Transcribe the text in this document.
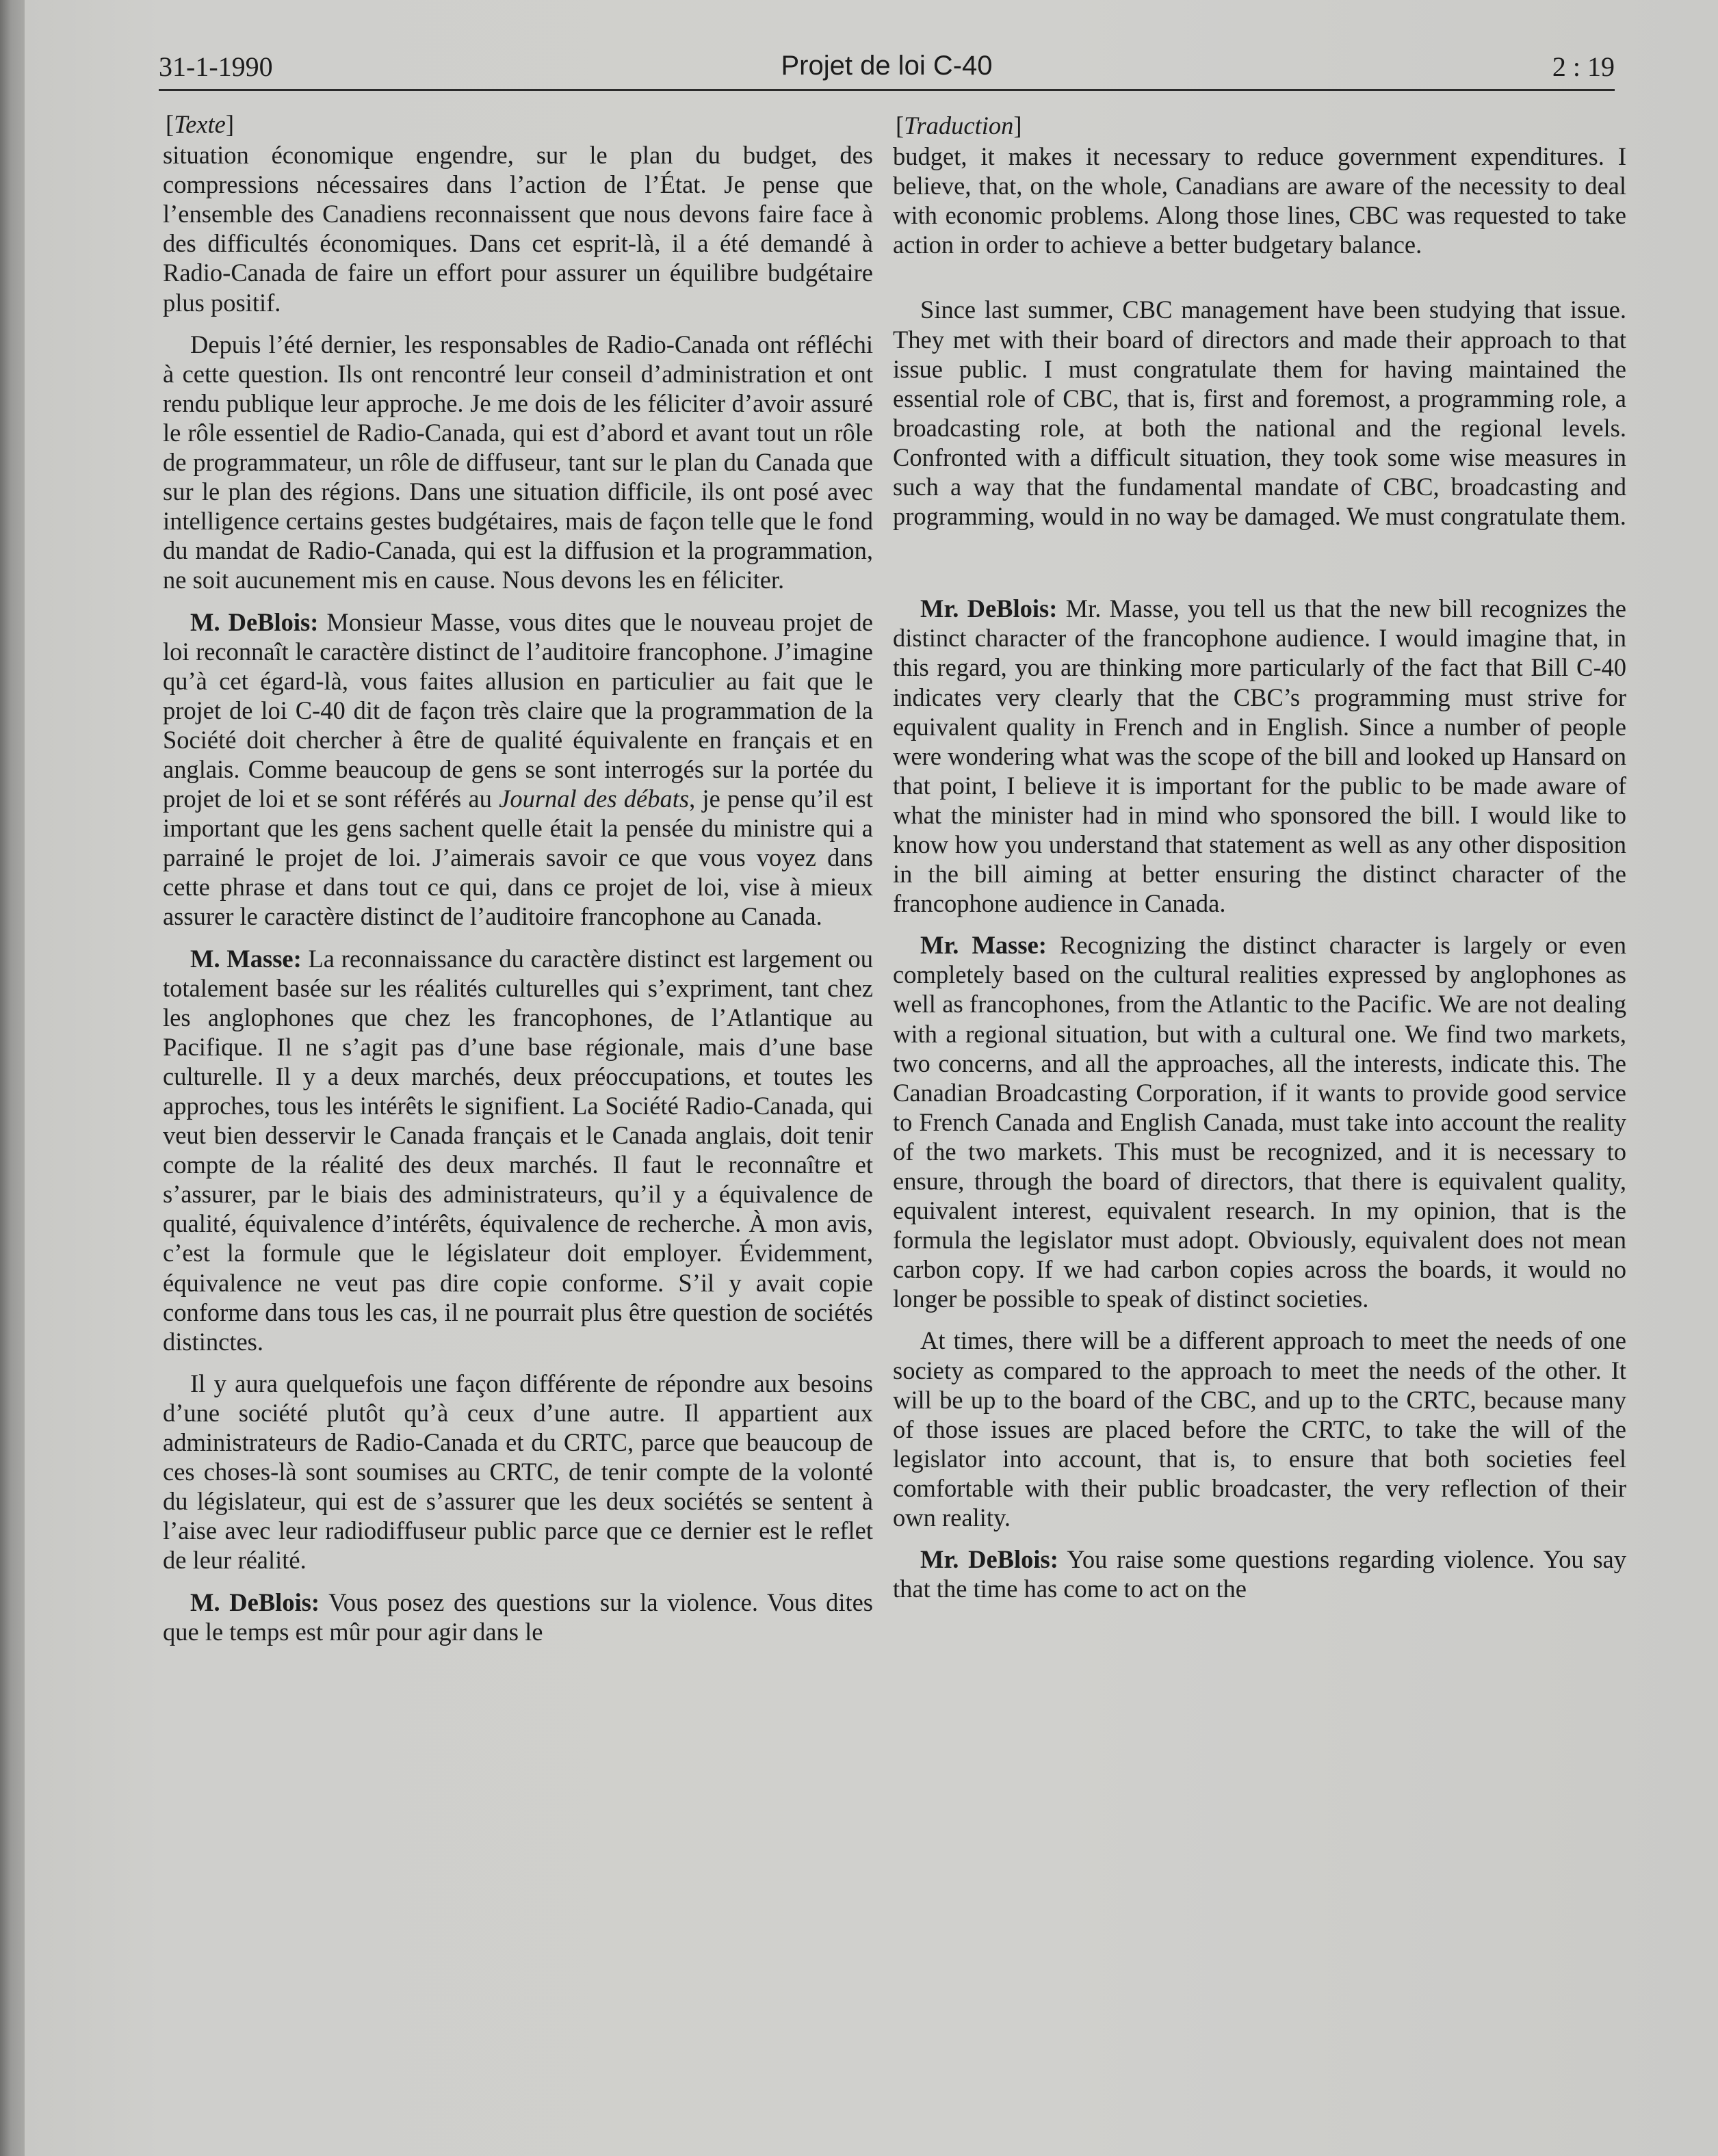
31-1-1990	Projet de loi C-40	2 : 19
[Texte]

situation économique engendre, sur le plan du budget, des compressions nécessaires dans l’action de l’État. Je pense que l’ensemble des Canadiens reconnaissent que nous devons faire face à des difficultés économiques. Dans cet esprit-là, il a été demandé à Radio-Canada de faire un effort pour assurer un équilibre budgétaire plus positif.

Depuis l’été dernier, les responsables de Radio-Canada ont réfléchi à cette question. Ils ont rencontré leur conseil d’administration et ont rendu publique leur approche. Je me dois de les féliciter d’avoir assuré le rôle essentiel de Radio-Canada, qui est d’abord et avant tout un rôle de programmateur, un rôle de diffuseur, tant sur le plan du Canada que sur le plan des régions. Dans une situation difficile, ils ont posé avec intelligence certains gestes budgétaires, mais de façon telle que le fond du mandat de Radio-Canada, qui est la diffusion et la programmation, ne soit aucunement mis en cause. Nous devons les en féliciter.

M. DeBlois: Monsieur Masse, vous dites que le nouveau projet de loi reconnaît le caractère distinct de l’auditoire francophone. J’imagine qu’à cet égard-là, vous faites allusion en particulier au fait que le projet de loi C-40 dit de façon très claire que la programmation de la Société doit chercher à être de qualité équivalente en français et en anglais. Comme beaucoup de gens se sont interrogés sur la portée du projet de loi et se sont référés au Journal des débats, je pense qu’il est important que les gens sachent quelle était la pensée du ministre qui a parrainé le projet de loi. J’aimerais savoir ce que vous voyez dans cette phrase et dans tout ce qui, dans ce projet de loi, vise à mieux assurer le caractère distinct de l’auditoire francophone au Canada.

M. Masse: La reconnaissance du caractère distinct est largement ou totalement basée sur les réalités culturelles qui s’expriment, tant chez les anglophones que chez les francophones, de l’Atlantique au Pacifique. Il ne s’agit pas d’une base régionale, mais d’une base culturelle. Il y a deux marchés, deux préoccupations, et toutes les approches, tous les intérêts le signifient. La Société Radio-Canada, qui veut bien desservir le Canada français et le Canada anglais, doit tenir compte de la réalité des deux marchés. Il faut le reconnaître et s’assurer, par le biais des administrateurs, qu’il y a équivalence de qualité, équivalence d’intérêts, équivalence de recherche. À mon avis, c’est la formule que le législateur doit employer. Évidemment, équivalence ne veut pas dire copie conforme. S’il y avait copie conforme dans tous les cas, il ne pourrait plus être question de sociétés distinctes.

Il y aura quelquefois une façon différente de répondre aux besoins d’une société plutôt qu’à ceux d’une autre. Il appartient aux administrateurs de Radio-Canada et du CRTC, parce que beaucoup de ces choses-là sont soumises au CRTC, de tenir compte de la volonté du législateur, qui est de s’assurer que les deux sociétés se sentent à l’aise avec leur radiodiffuseur public parce que ce dernier est le reflet de leur réalité.

M. DeBlois: Vous posez des questions sur la violence. Vous dites que le temps est mûr pour agir dans le

[Traduction]

budget, it makes it necessary to reduce government expenditures. I believe, that, on the whole, Canadians are aware of the necessity to deal with economic problems. Along those lines, CBC was requested to take action in order to achieve a better budgetary balance.

Since last summer, CBC management have been studying that issue. They met with their board of directors and made their approach to that issue public. I must congratulate them for having maintained the essential role of CBC, that is, first and foremost, a programming role, a broadcasting role, at both the national and the regional levels. Confronted with a difficult situation, they took some wise measures in such a way that the fundamental mandate of CBC, broadcasting and programming, would in no way be damaged. We must congratulate them.

Mr. DeBlois: Mr. Masse, you tell us that the new bill recognizes the distinct character of the francophone audience. I would imagine that, in this regard, you are thinking more particularly of the fact that Bill C-40 indicates very clearly that the CBC’s programming must strive for equivalent quality in French and in English. Since a number of people were wondering what was the scope of the bill and looked up Hansard on that point, I believe it is important for the public to be made aware of what the minister had in mind who sponsored the bill. I would like to know how you understand that statement as well as any other disposition in the bill aiming at better ensuring the distinct character of the francophone audience in Canada.

Mr. Masse: Recognizing the distinct character is largely or even completely based on the cultural realities expressed by anglophones as well as francophones, from the Atlantic to the Pacific. We are not dealing with a regional situation, but with a cultural one. We find two markets, two concerns, and all the approaches, all the interests, indicate this. The Canadian Broadcasting Corporation, if it wants to provide good service to French Canada and English Canada, must take into account the reality of the two markets. This must be recognized, and it is necessary to ensure, through the board of directors, that there is equivalent quality, equivalent interest, equivalent research. In my opinion, that is the formula the legislator must adopt. Obviously, equivalent does not mean carbon copy. If we had carbon copies across the boards, it would no longer be possible to speak of distinct societies.

At times, there will be a different approach to meet the needs of one society as compared to the approach to meet the needs of the other. It will be up to the board of the CBC, and up to the CRTC, because many of those issues are placed before the CRTC, to take the will of the legislator into account, that is, to ensure that both societies feel comfortable with their public broadcaster, the very reflection of their own reality.

Mr. DeBlois: You raise some questions regarding violence. You say that the time has come to act on the
